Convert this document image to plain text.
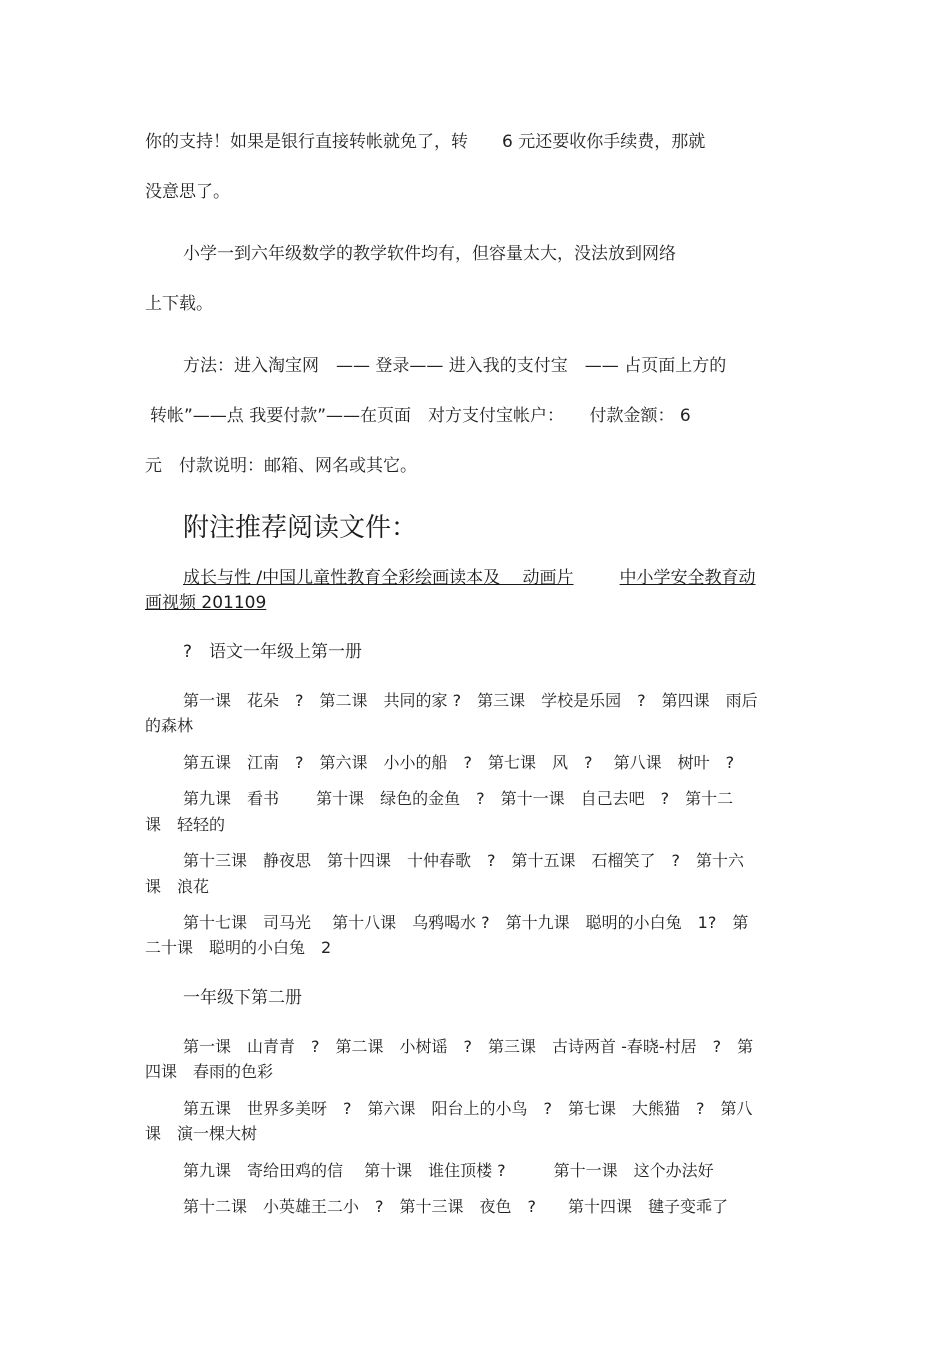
你的支持！如果是银行直接转帐就免了，转　　6 元还要收你手续费，那就
没意思了。
小学一到六年级数学的教学软件均有，但容量太大，没法放到网络
上下载。
方法：进入淘宝网　—— 登录—— 进入我的支付宝　—— 占页面上方的
转帐”——点 我要付款”——在页面　对方支付宝帐户：　　付款金额： 6
元　付款说明：邮箱、网名或其它。
附注推荐阅读文件：
成长与性 /中国儿童性教育全彩绘画读本及　 动画片	中小学安全教育动
画视频 201109
?　语文一年级上第一册
第一课　花朵　?　第二课　共同的家 ?　第三课　学校是乐园　?　第四课　雨后
的森林
第五课　江南　?　第六课　小小的船　?　第七课　风　?　 第八课　树叶　?
第九课　看书　　 第十课　绿色的金鱼　?　第十一课　自己去吧　?　第十二
课　轻轻的
第十三课　静夜思　第十四课　十仲春歌　?　第十五课　石榴笑了　?　第十六
课　浪花
第十七课　司马光　 第十八课　乌鸦喝水 ?　第十九课　聪明的小白兔　1?　第
二十课　聪明的小白兔　2
一年级下第二册
第一课　山青青　?　第二课　小树谣　?　第三课　古诗两首 -春晓-村居　?　第
四课　春雨的色彩
第五课　世界多美呀　?　第六课　阳台上的小鸟　?　第七课　大熊猫　?　第八
课　演一棵大树
第九课　寄给田鸡的信　 第十课　谁住顶楼 ?　　　第十一课　这个办法好
第十二课　小英雄王二小　?　第十三课　夜色　?　　第十四课　毽子变乖了
